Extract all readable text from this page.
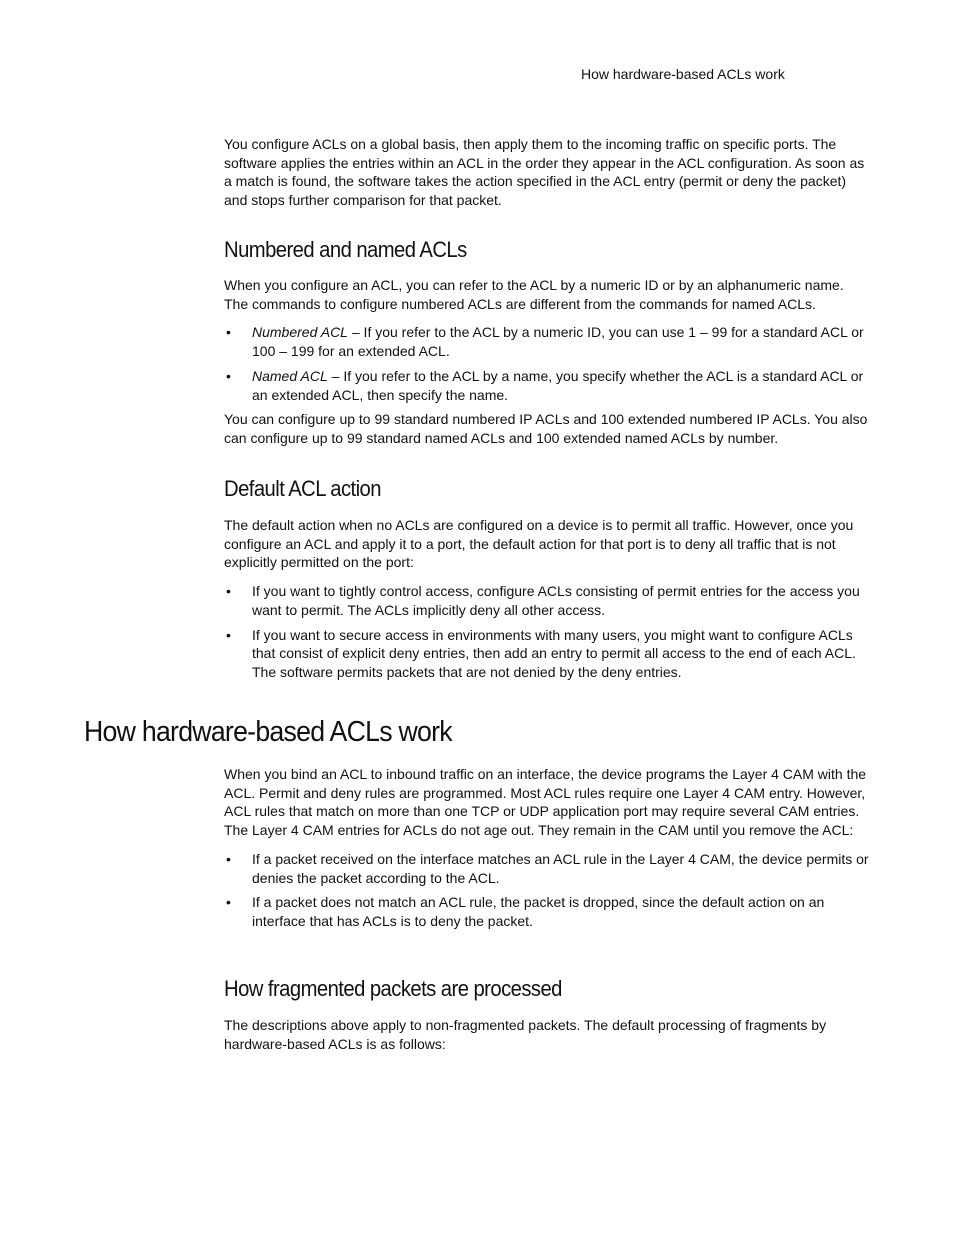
How hardware-based ACLs work

You configure ACLs on a global basis, then apply them to the incoming traffic on specific ports. The software applies the entries within an ACL in the order they appear in the ACL configuration. As soon as a match is found, the software takes the action specified in the ACL entry (permit or deny the packet) and stops further comparison for that packet.

Numbered and named ACLs

When you configure an ACL, you can refer to the ACL by a numeric ID or by an alphanumeric name. The commands to configure numbered ACLs are different from the commands for named ACLs.

• Numbered ACL – If you refer to the ACL by a numeric ID, you can use 1 – 99 for a standard ACL or 100 – 199 for an extended ACL.
• Named ACL – If you refer to the ACL by a name, you specify whether the ACL is a standard ACL or an extended ACL, then specify the name.

You can configure up to 99 standard numbered IP ACLs and 100 extended numbered IP ACLs. You also can configure up to 99 standard named ACLs and 100 extended named ACLs by number.

Default ACL action

The default action when no ACLs are configured on a device is to permit all traffic. However, once you configure an ACL and apply it to a port, the default action for that port is to deny all traffic that is not explicitly permitted on the port:

• If you want to tightly control access, configure ACLs consisting of permit entries for the access you want to permit. The ACLs implicitly deny all other access.
• If you want to secure access in environments with many users, you might want to configure ACLs that consist of explicit deny entries, then add an entry to permit all access to the end of each ACL. The software permits packets that are not denied by the deny entries.
How hardware-based ACLs work

When you bind an ACL to inbound traffic on an interface, the device programs the Layer 4 CAM with the ACL. Permit and deny rules are programmed. Most ACL rules require one Layer 4 CAM entry. However, ACL rules that match on more than one TCP or UDP application port may require several CAM entries. The Layer 4 CAM entries for ACLs do not age out. They remain in the CAM until you remove the ACL:

• If a packet received on the interface matches an ACL rule in the Layer 4 CAM, the device permits or denies the packet according to the ACL.
• If a packet does not match an ACL rule, the packet is dropped, since the default action on an interface that has ACLs is to deny the packet.
How fragmented packets are processed

The descriptions above apply to non-fragmented packets. The default processing of fragments by hardware-based ACLs is as follows:
